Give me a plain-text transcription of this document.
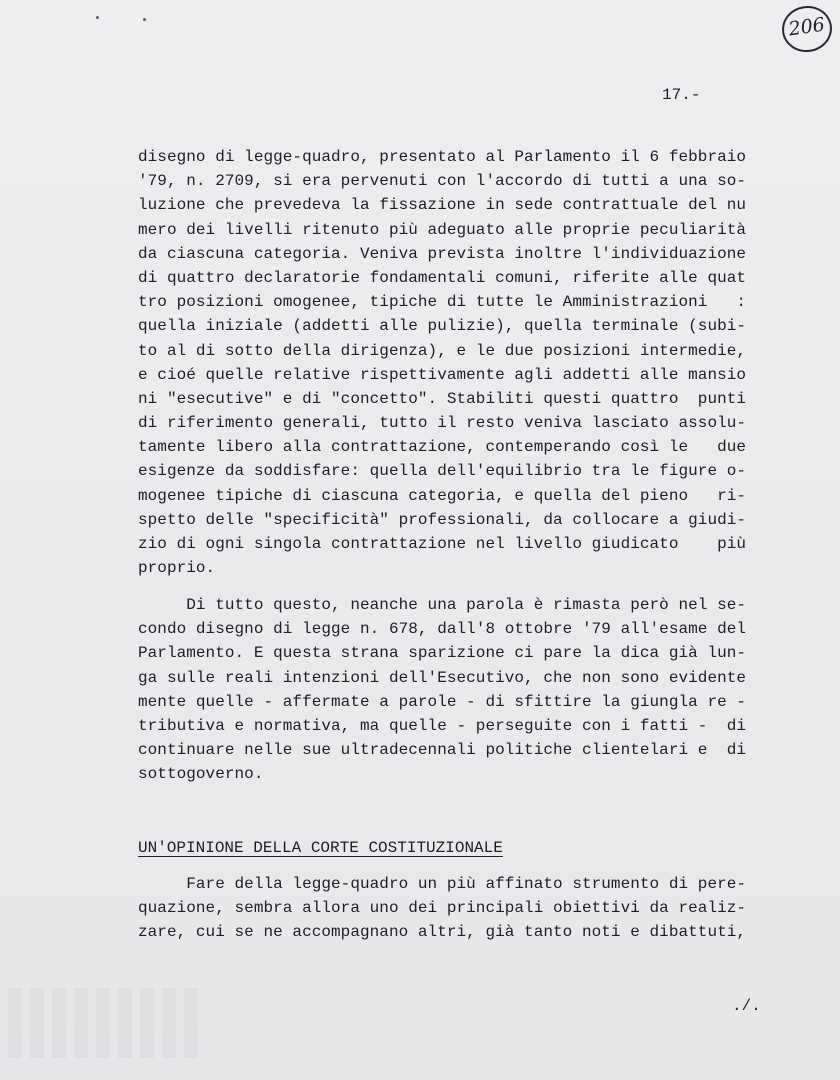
206
17.-
disegno di legge-quadro, presentato al Parlamento il 6 febbraio
'79, n. 2709, si era pervenuti con l'accordo di tutti a una so-
luzione che prevedeva la fissazione in sede contrattuale del nu
mero dei livelli ritenuto più adeguato alle proprie peculiarità
da ciascuna categoria. Veniva prevista inoltre l'individuazione
di quattro declaratorie fondamentali comuni, riferite alle quat
tro posizioni omogenee, tipiche di tutte le Amministrazioni   :
quella iniziale (addetti alle pulizie), quella terminale (subi-
to al di sotto della dirigenza), e le due posizioni intermedie,
e cioé quelle relative rispettivamente agli addetti alle mansio
ni "esecutive" e di "concetto". Stabiliti questi quattro  punti
di riferimento generali, tutto il resto veniva lasciato assolu-
tamente libero alla contrattazione, contemperando così le   due
esigenze da soddisfare: quella dell'equilibrio tra le figure o-
mogenee tipiche di ciascuna categoria, e quella del pieno   ri-
spetto delle "specificità" professionali, da collocare a giudi-
zio di ogni singola contrattazione nel livello giudicato    più
proprio.
Di tutto questo, neanche una parola è rimasta però nel se-
condo disegno di legge n. 678, dall'8 ottobre '79 all'esame del
Parlamento. E questa strana sparizione ci pare la dica già lun-
ga sulle reali intenzioni dell'Esecutivo, che non sono evidente
mente quelle - affermate a parole - di sfittire la giungla re -
tributiva e normativa, ma quelle - perseguite con i fatti -  di
continuare nelle sue ultradecennali politiche clientelari e  di
sottogoverno.
UN'OPINIONE DELLA CORTE COSTITUZIONALE
Fare della legge-quadro un più affinato strumento di pere-
quazione, sembra allora uno dei principali obiettivi da realiz-
zare, cui se ne accompagnano altri, già tanto noti e dibattuti,
./.
